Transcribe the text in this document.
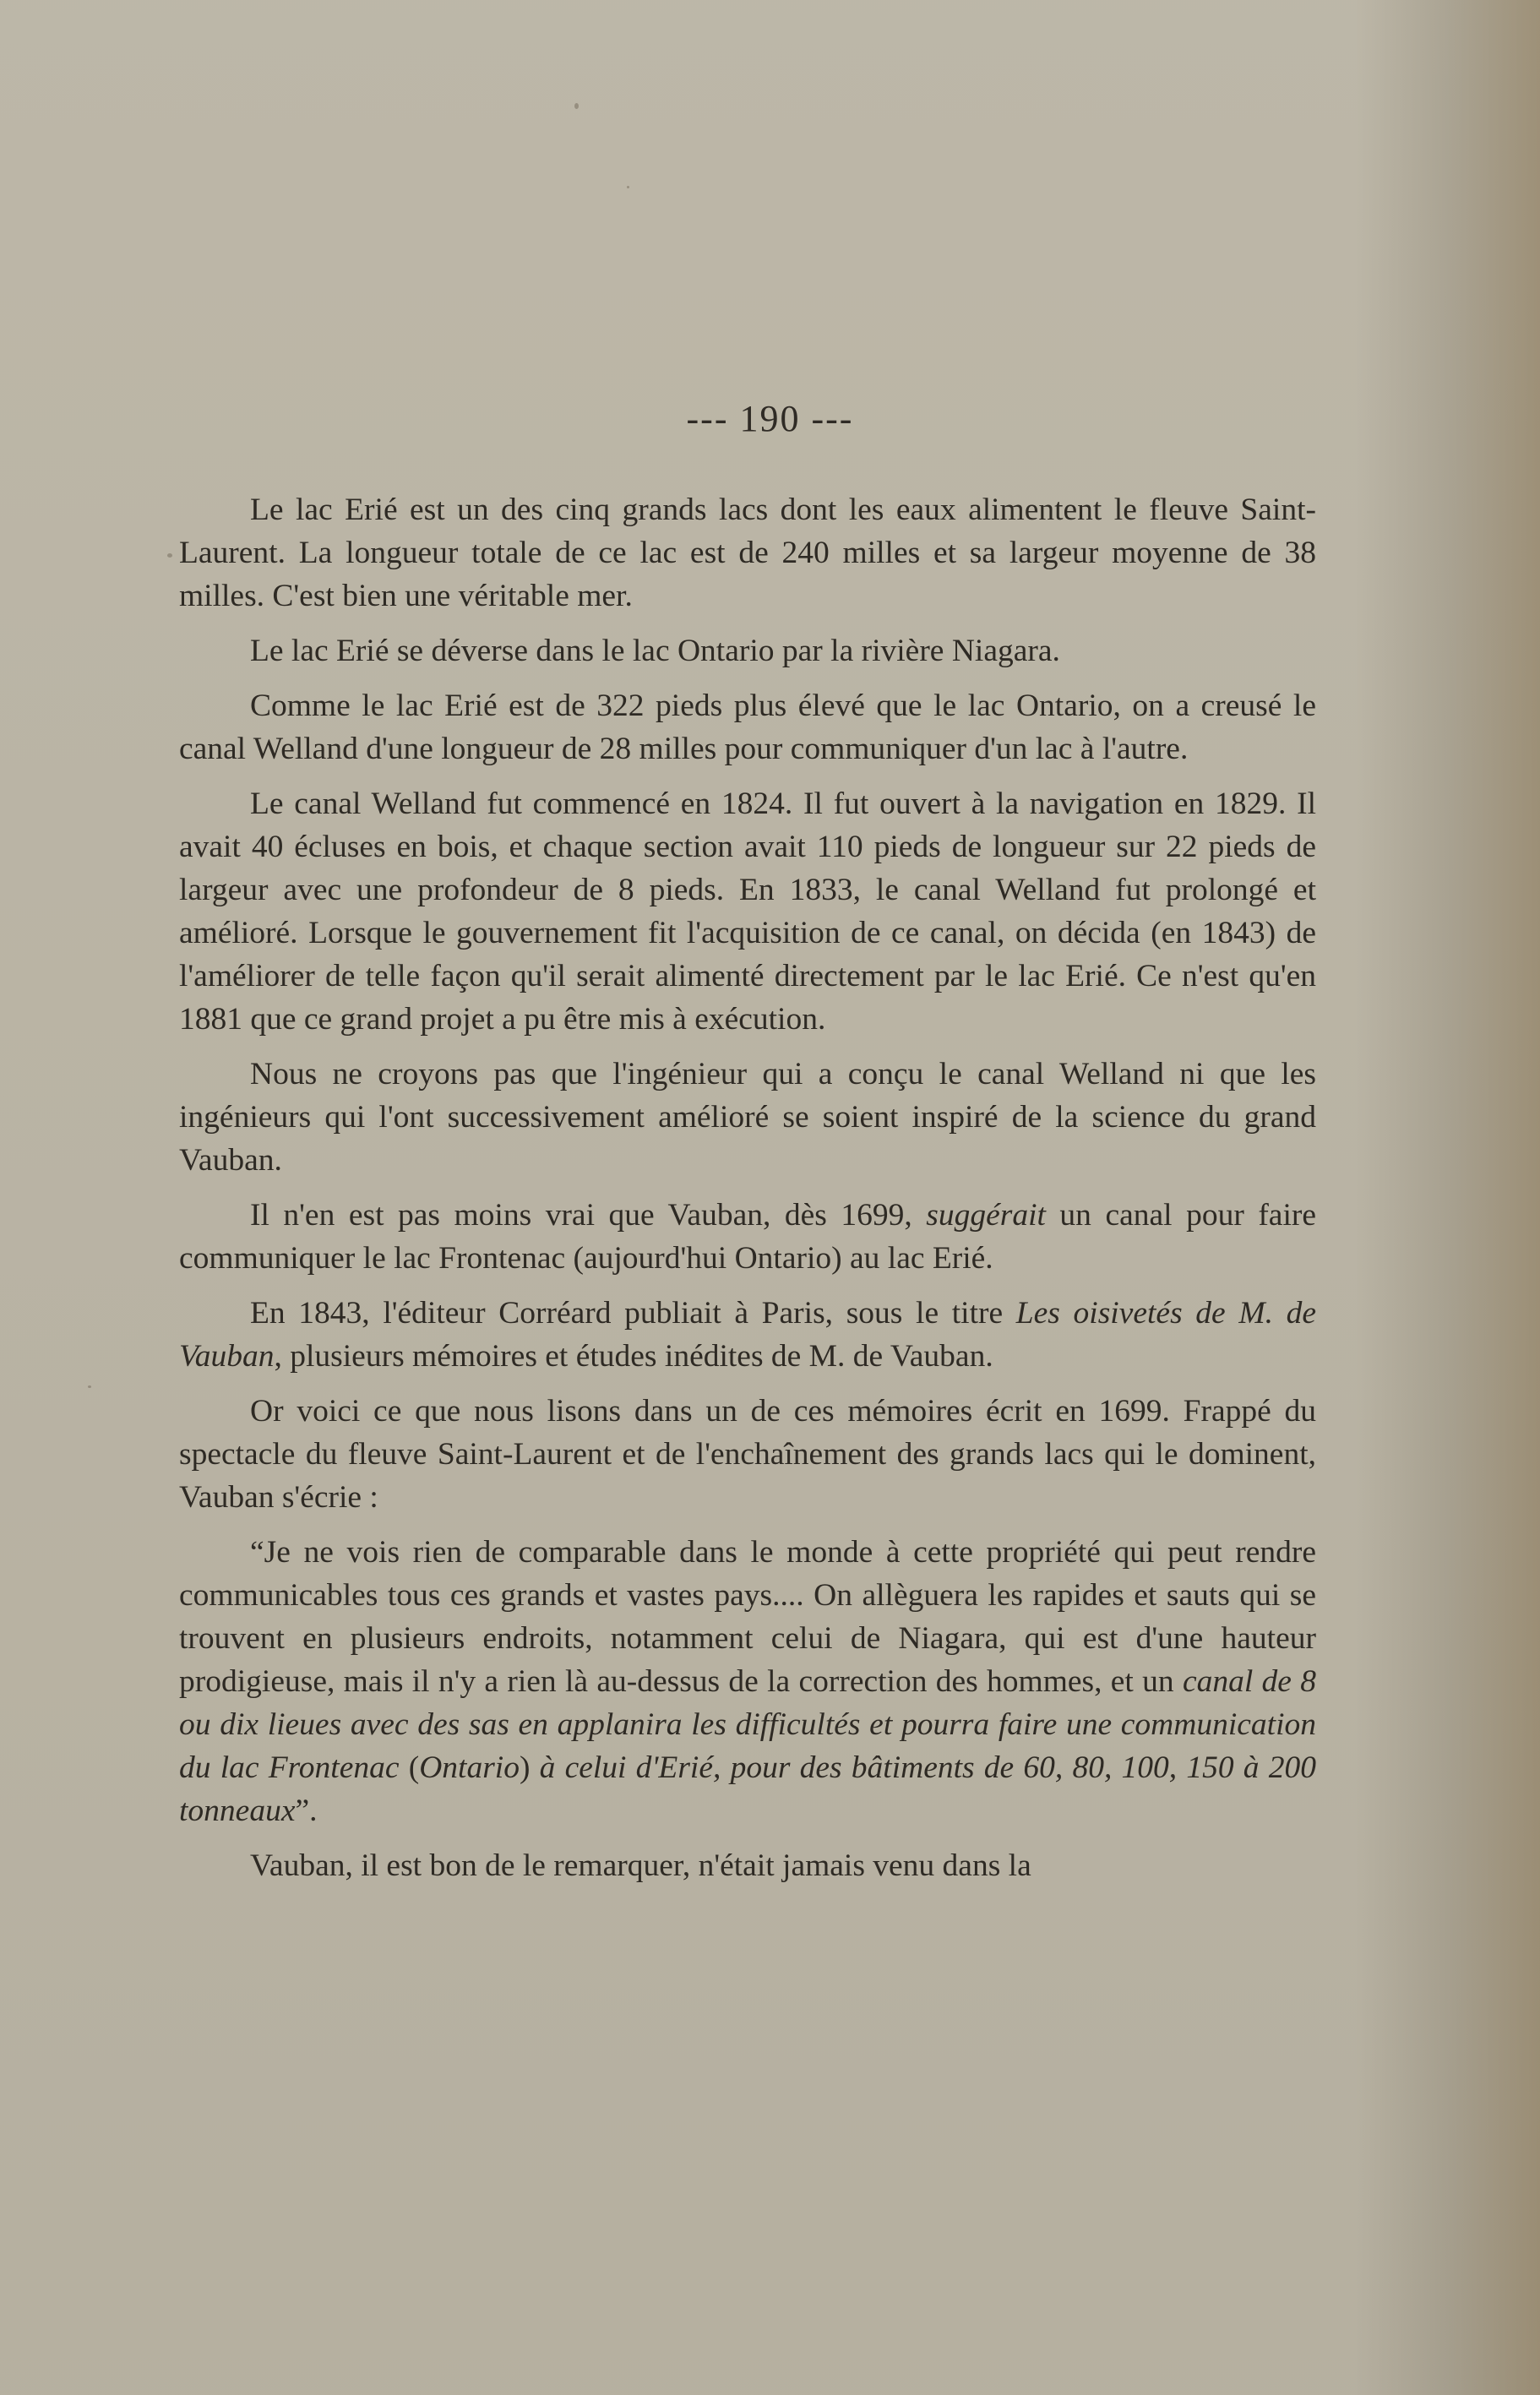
--- 190 ---

Le lac Erié est un des cinq grands lacs dont les eaux alimentent le fleuve Saint-Laurent. La longueur totale de ce lac est de 240 milles et sa largeur moyenne de 38 milles. C'est bien une véritable mer.

Le lac Erié se déverse dans le lac Ontario par la rivière Niagara.

Comme le lac Erié est de 322 pieds plus élevé que le lac Ontario, on a creusé le canal Welland d'une longueur de 28 milles pour communiquer d'un lac à l'autre.

Le canal Welland fut commencé en 1824. Il fut ouvert à la navigation en 1829. Il avait 40 écluses en bois, et chaque section avait 110 pieds de longueur sur 22 pieds de largeur avec une profondeur de 8 pieds. En 1833, le canal Welland fut prolongé et amélioré. Lorsque le gouvernement fit l'acquisition de ce canal, on décida (en 1843) de l'améliorer de telle façon qu'il serait alimenté directement par le lac Erié. Ce n'est qu'en 1881 que ce grand projet a pu être mis à exécution.

Nous ne croyons pas que l'ingénieur qui a conçu le canal Welland ni que les ingénieurs qui l'ont successivement amélioré se soient inspiré de la science du grand Vauban.

Il n'en est pas moins vrai que Vauban, dès 1699, suggérait un canal pour faire communiquer le lac Frontenac (aujourd'hui Ontario) au lac Erié.

En 1843, l'éditeur Corréard publiait à Paris, sous le titre Les oisivetés de M. de Vauban, plusieurs mémoires et études inédites de M. de Vauban.

Or voici ce que nous lisons dans un de ces mémoires écrit en 1699. Frappé du spectacle du fleuve Saint-Laurent et de l'enchaînement des grands lacs qui le dominent, Vauban s'écrie :

“Je ne vois rien de comparable dans le monde à cette propriété qui peut rendre communicables tous ces grands et vastes pays.... On allèguera les rapides et sauts qui se trouvent en plusieurs endroits, notamment celui de Niagara, qui est d'une hauteur prodigieuse, mais il n'y a rien là au-dessus de la correction des hommes, et un canal de 8 ou dix lieues avec des sas en applanira les difficultés et pourra faire une communication du lac Frontenac (Ontario) à celui d'Erié, pour des bâtiments de 60, 80, 100, 150 à 200 tonneaux”.

Vauban, il est bon de le remarquer, n'était jamais venu dans la
